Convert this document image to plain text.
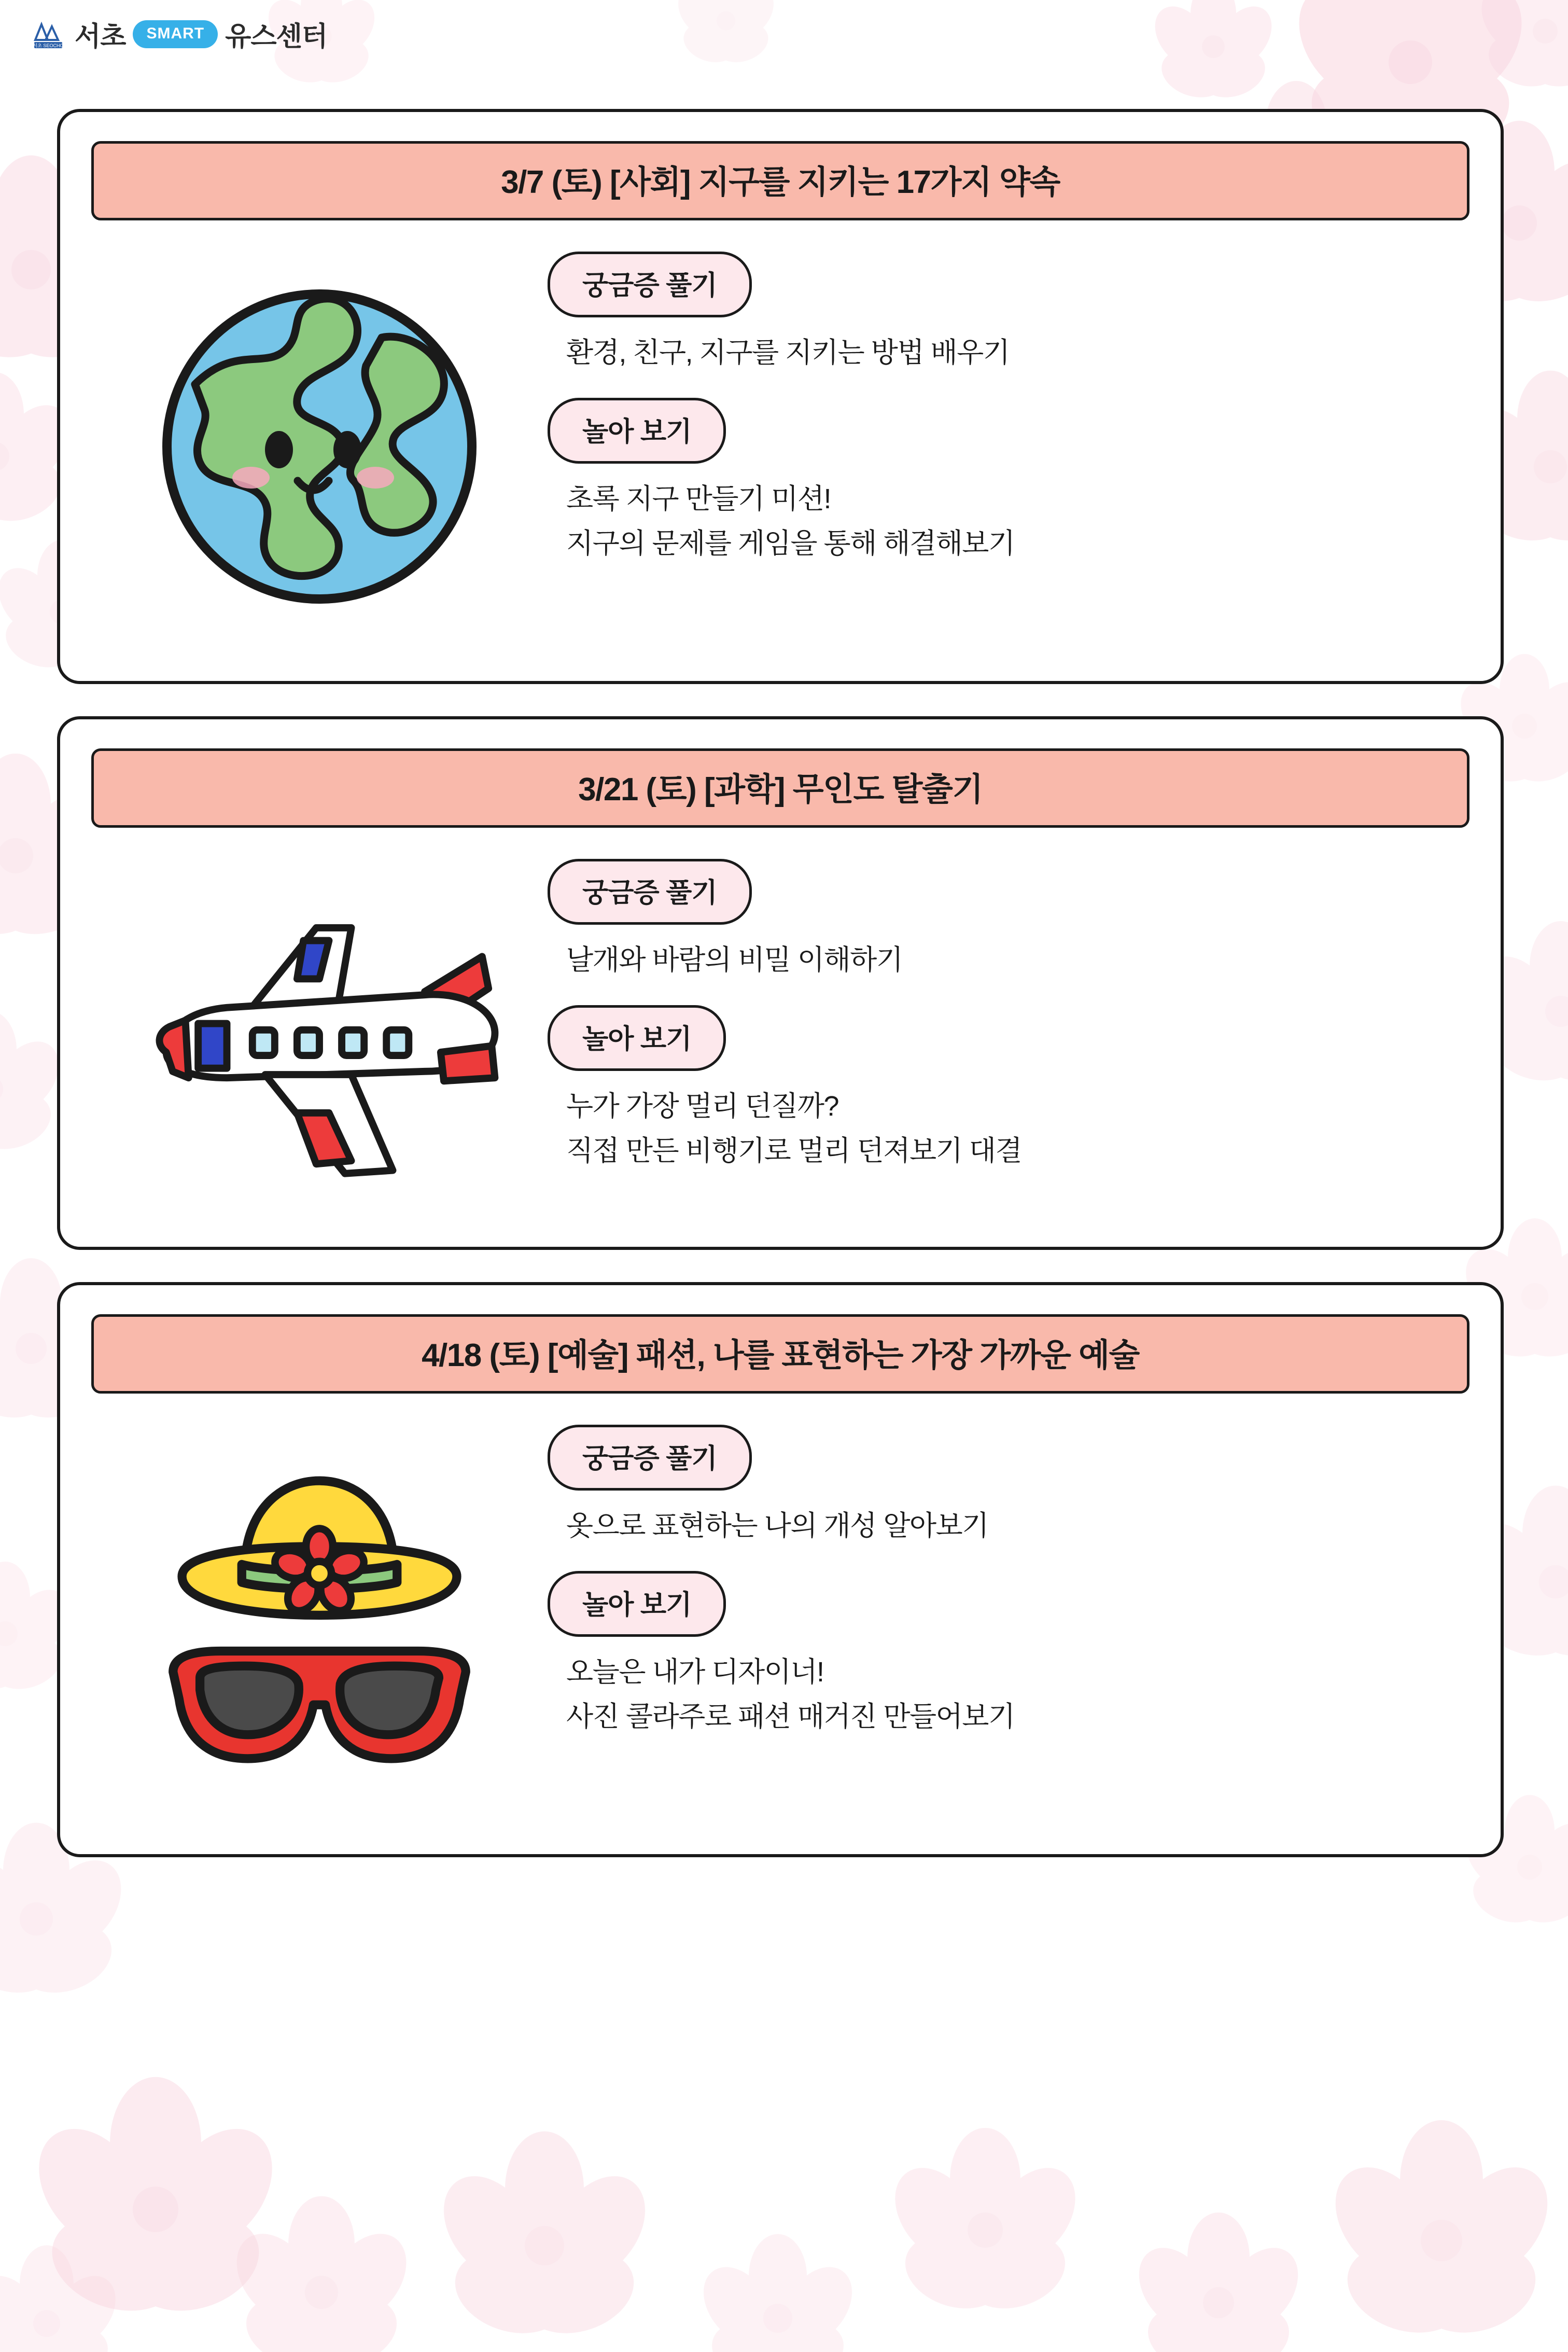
서초 SEOCHO 서초	SMART 유스센터
3/7 (토) [사회] 지구를 지키는 17가지 약속
궁금증 풀기
환경, 친구, 지구를 지키는 방법 배우기
놀아 보기
초록 지구 만들기 미션!
지구의 문제를 게임을 통해 해결해보기
3/21 (토) [과학] 무인도 탈출기
궁금증 풀기
날개와 바람의 비밀 이해하기
놀아 보기
누가 가장 멀리 던질까?
직접 만든 비행기로 멀리 던져보기 대결
4/18 (토) [예술] 패션, 나를 표현하는 가장 가까운 예술
궁금증 풀기
옷으로 표현하는 나의 개성 알아보기
놀아 보기
오늘은 내가 디자이너!
사진 콜라주로 패션 매거진 만들어보기
